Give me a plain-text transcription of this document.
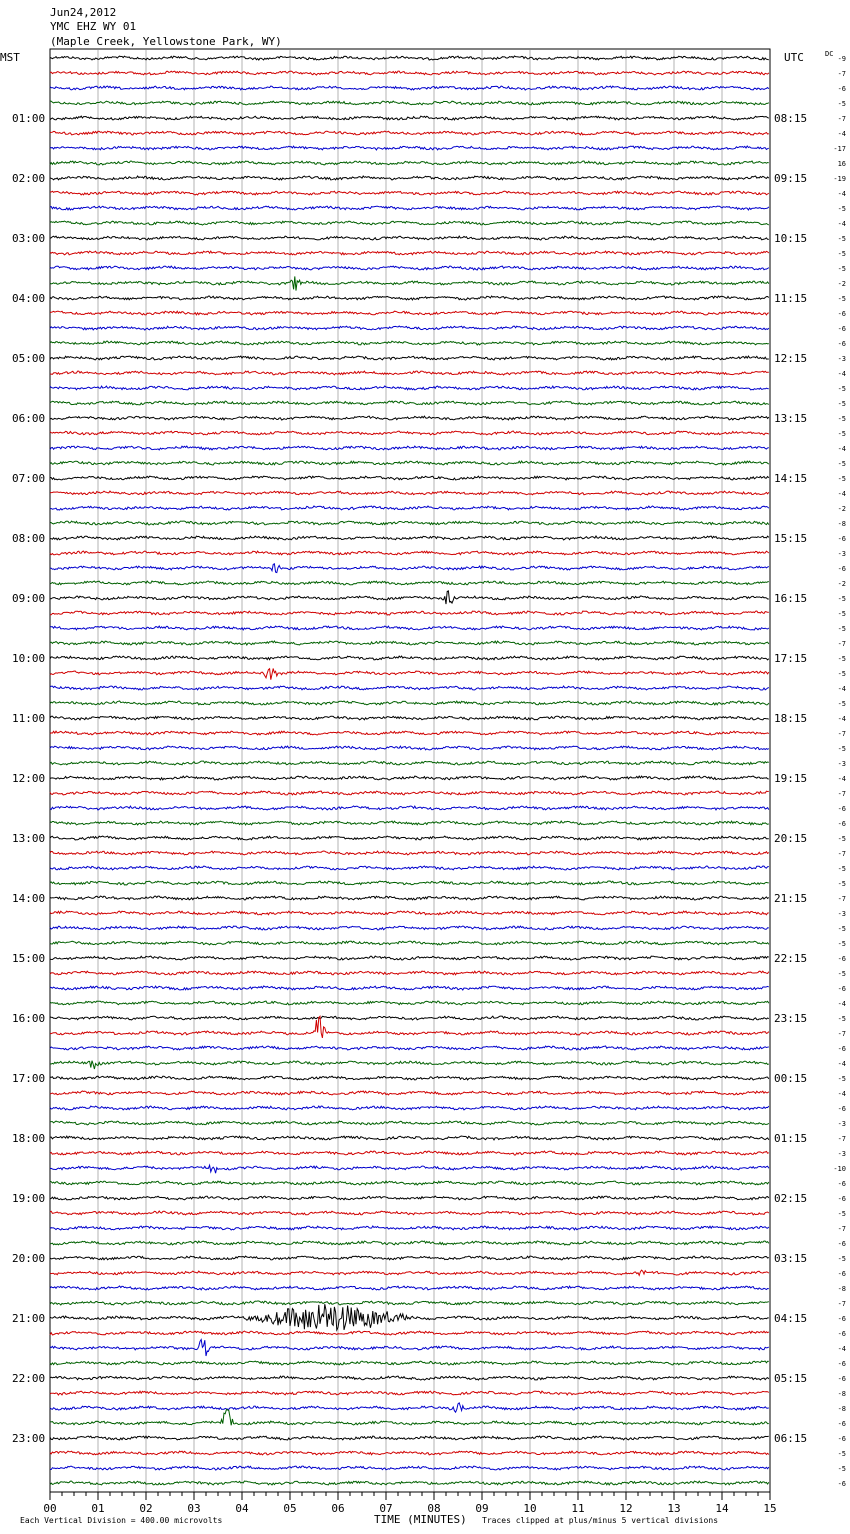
Jun24,2012
YMC EHZ WY 01
(Maple Creek, Yellowstone Park, WY)
MST	UTC	DC
01:00
02:00
03:00
04:00
05:00
06:00
07:00
08:00
09:00
10:00
11:00
12:00
13:00
14:00
15:00
16:00
17:00
18:00
19:00
20:00
21:00
22:00
23:00
08:15
09:15
10:15
11:15
12:15
13:15
14:15
15:15
16:15
17:15
18:15
19:15
20:15
21:15
22:15
23:15
00:15
01:15
02:15
03:15
04:15
05:15
06:15
-9
-7
-6
-5
-7
-4
-17
16
-19
-4
-5
-4
-5
-5
-5
-2
-5
-6
-6
-6
-3
-4
-5
-5
-5
-5
-4
-5
-5
-4
-2
-8
-6
-3
-6
-2
-5
-5
-5
-7
-5
-5
-4
-5
-4
-7
-5
-3
-4
-7
-6
-6
-5
-7
-5
-5
-7
-3
-5
-5
-6
-5
-6
-4
-5
-7
-6
-4
-5
-4
-6
-3
-7
-3
-10
-6
-6
-5
-7
-6
-5
-6
-8
-7
-6
-6
-4
-6
-6
-8
-8
-6
-6
-5
-5
-6
00	01	02	03	04	05	06	07	08	09	10	11	12	13	14	15
TIME (MINUTES)
Each Vertical Division = 400.00 microvolts	Traces clipped at plus/minus 5 vertical divisions
